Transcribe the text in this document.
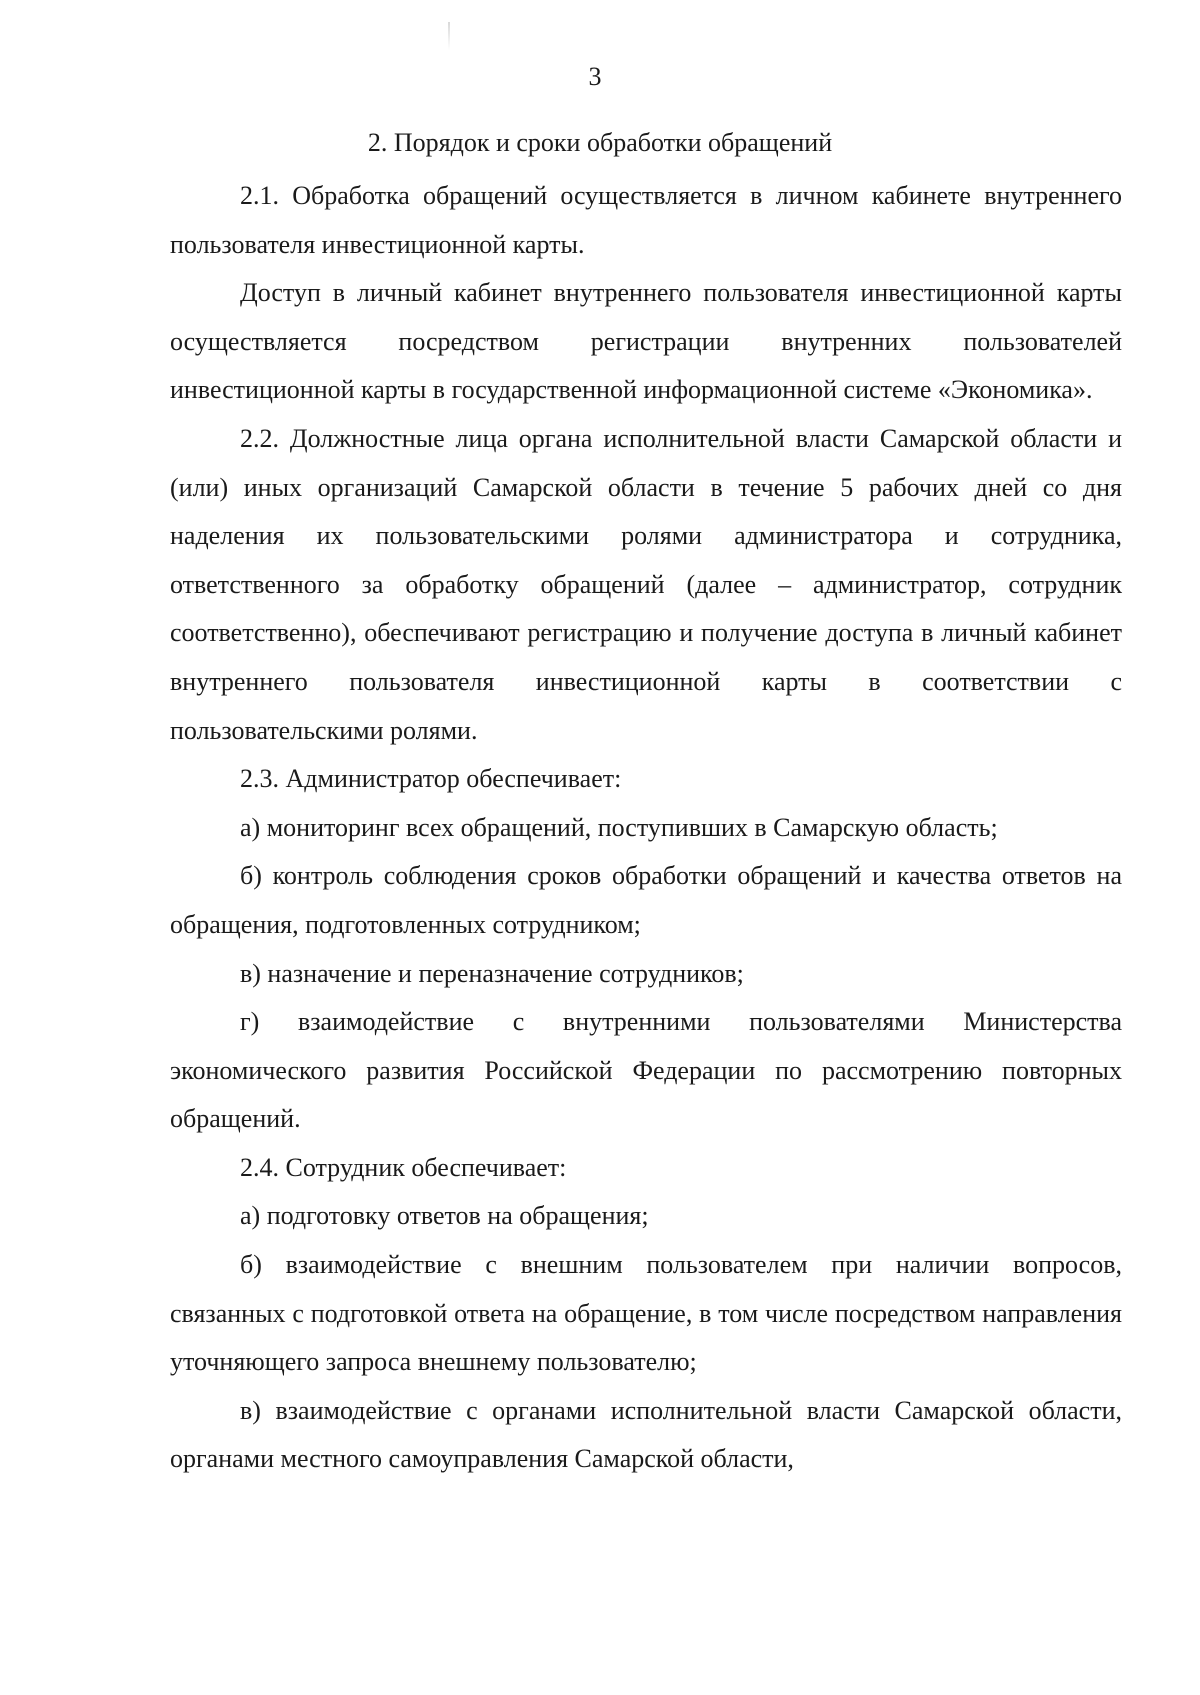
3
2. Порядок и сроки обработки обращений

2.1. Обработка обращений осуществляется в личном кабинете внутреннего пользователя инвестиционной карты.

Доступ в личный кабинет внутреннего пользователя инвестиционной карты осуществляется посредством регистрации внутренних пользователей инвестиционной карты в государственной информационной системе «Экономика».

2.2. Должностные лица органа исполнительной власти Самарской области и (или) иных организаций Самарской области в течение 5 рабочих дней со дня наделения их пользовательскими ролями администратора и сотрудника, ответственного за обработку обращений (далее – администратор, сотрудник соответственно), обеспечивают регистрацию и получение доступа в личный кабинет внутреннего пользователя инвестиционной карты в соответствии с пользовательскими ролями.

2.3. Администратор обеспечивает:

а) мониторинг всех обращений, поступивших в Самарскую область;

б) контроль соблюдения сроков обработки обращений и качества ответов на обращения, подготовленных сотрудником;

в) назначение и переназначение сотрудников;

г) взаимодействие с внутренними пользователями Министерства экономического развития Российской Федерации по рассмотрению повторных обращений.

2.4. Сотрудник обеспечивает:

а) подготовку ответов на обращения;

б) взаимодействие с внешним пользователем при наличии вопросов, связанных с подготовкой ответа на обращение, в том числе посредством направления уточняющего запроса внешнему пользователю;

в) взаимодействие с органами исполнительной власти Самарской области, органами местного самоуправления Самарской области,
